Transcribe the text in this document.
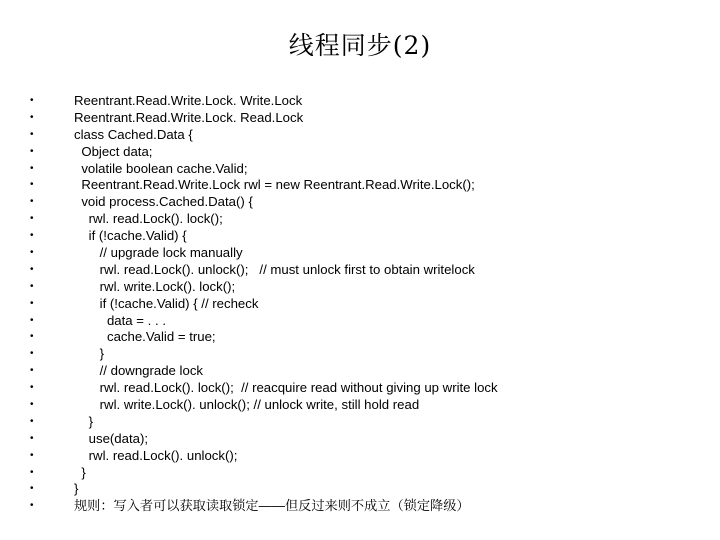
线程同步(2)
•	Reentrant.Read.Write.Lock. Write.Lock
•	Reentrant.Read.Write.Lock. Read.Lock
•	class Cached.Data {
•	Object data;
•	volatile boolean cache.Valid;
•	Reentrant.Read.Write.Lock rwl = new Reentrant.Read.Write.Lock();
•	void process.Cached.Data() {
•	rwl. read.Lock(). lock();
•	if (!cache.Valid) {
•	// upgrade lock manually
•	rwl. read.Lock(). unlock();   // must unlock first to obtain writelock
•	rwl. write.Lock(). lock();
•	if (!cache.Valid) { // recheck
•	data = . . .
•	cache.Valid = true;
•	}
•	// downgrade lock
•	rwl. read.Lock(). lock();  // reacquire read without giving up write lock
•	rwl. write.Lock(). unlock(); // unlock write, still hold read
•	}
•	use(data);
•	rwl. read.Lock(). unlock();
•	}
•	}
•	规则：写入者可以获取读取锁定——但反过来则不成立（锁定降级）
